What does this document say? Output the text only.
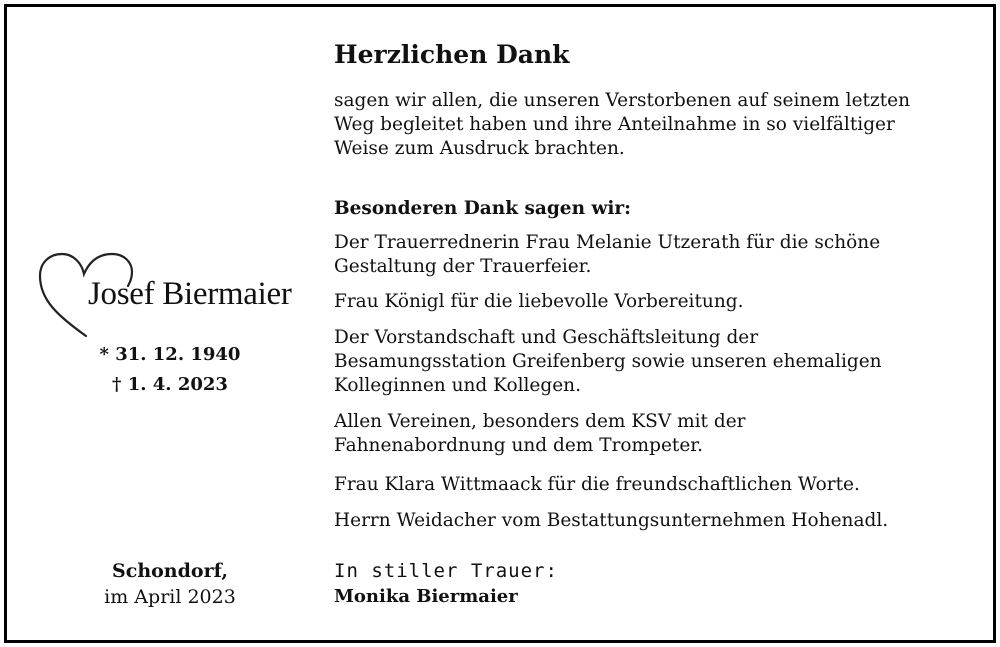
Josef Biermaier
* 31. 12. 1940
† 1. 4. 2023
Schondorf,
im April 2023
Herzlichen Dank
sagen wir allen, die unseren Verstorbenen auf seinem letzten
Weg begleitet haben und ihre Anteilnahme in so vielfältiger
Weise zum Ausdruck brachten.
Besonderen Dank sagen wir:
Der Trauerrednerin Frau Melanie Utzerath für die schöne
Gestaltung der Trauerfeier.
Frau Königl für die liebevolle Vorbereitung.
Der Vorstandschaft und Geschäftsleitung der
Besamungsstation Greifenberg sowie unseren ehemaligen
Kolleginnen und Kollegen.
Allen Vereinen, besonders dem KSV mit der
Fahnenabordnung und dem Trompeter.
Frau Klara Wittmaack für die freundschaftlichen Worte.
Herrn Weidacher vom Bestattungsunternehmen Hohenadl.
In stiller Trauer:
Monika Biermaier
